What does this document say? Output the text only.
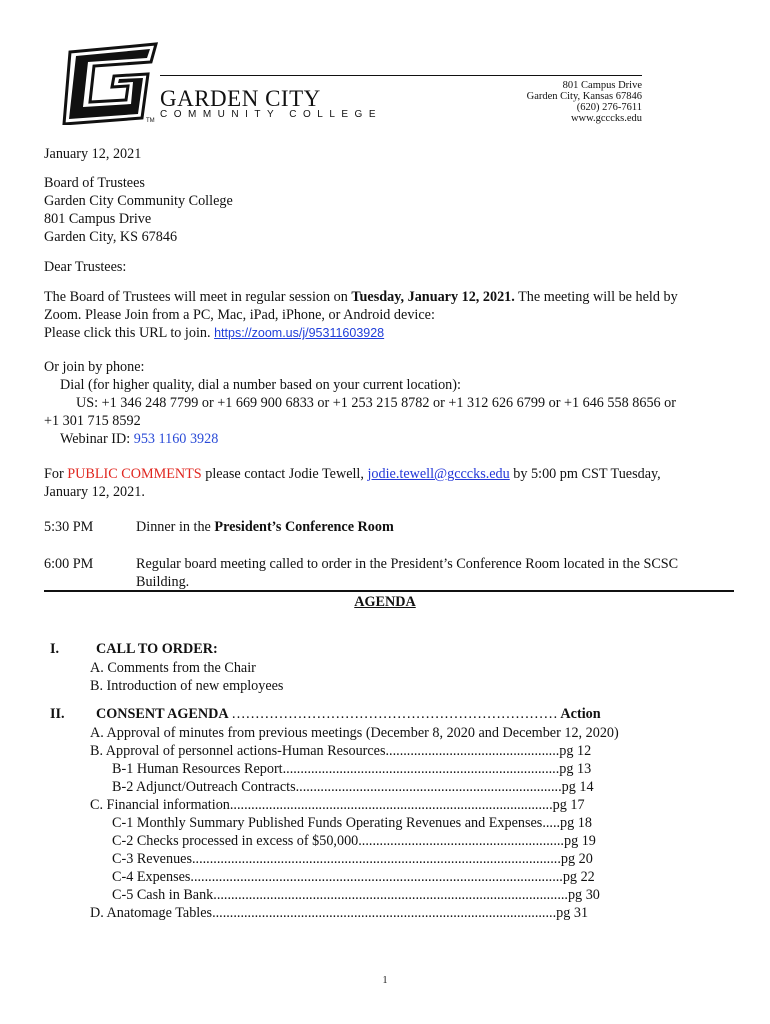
GARDEN CITY
COMMUNITY COLLEGE
TM
801 Campus Drive
Garden City, Kansas 67846
(620) 276-7611
www.gcccks.edu
January 12, 2021
Board of Trustees
Garden City Community College
801 Campus Drive
Garden City, KS 67846
Dear Trustees:
The Board of Trustees will meet in regular session on Tuesday, January 12, 2021. The meeting will be held by
Zoom. Please Join from a PC, Mac, iPad, iPhone, or Android device:
Please click this URL to join. https://zoom.us/j/95311603928
Or join by phone:
Dial (for higher quality, dial a number based on your current location):
US: +1 346 248 7799 or +1 669 900 6833 or +1 253 215 8782 or +1 312 626 6799 or +1 646 558 8656 or
+1 301 715 8592
Webinar ID: 953 1160 3928
For PUBLIC COMMENTS please contact Jodie Tewell, jodie.tewell@gcccks.edu by 5:00 pm CST Tuesday,
January 12, 2021.
5:30 PM	Dinner in the President’s Conference Room
6:00 PM	Regular board meeting called to order in the President’s Conference Room located in the SCSC
Building.
AGENDA
I.	CALL TO ORDER:
A. Comments from the Chair
B. Introduction of new employees
II. CONSENT AGENDA …………………………………………………………… Action
A. Approval of minutes from previous meetings (December 8, 2020 and December 12, 2020)
B. Approval of personnel actions-Human Resources.................................................pg 12
B-1 Human Resources Report..............................................................................pg 13
B-2 Adjunct/Outreach Contracts...........................................................................pg 14
C. Financial information...........................................................................................pg 17
C-1 Monthly Summary Published Funds Operating Revenues and Expenses.....pg 18
C-2 Checks processed in excess of $50,000..........................................................pg 19
C-3 Revenues........................................................................................................pg 20
C-4 Expenses.........................................................................................................pg 22
C-5 Cash in Bank....................................................................................................pg 30
D. Anatomage Tables.................................................................................................pg 31
1
